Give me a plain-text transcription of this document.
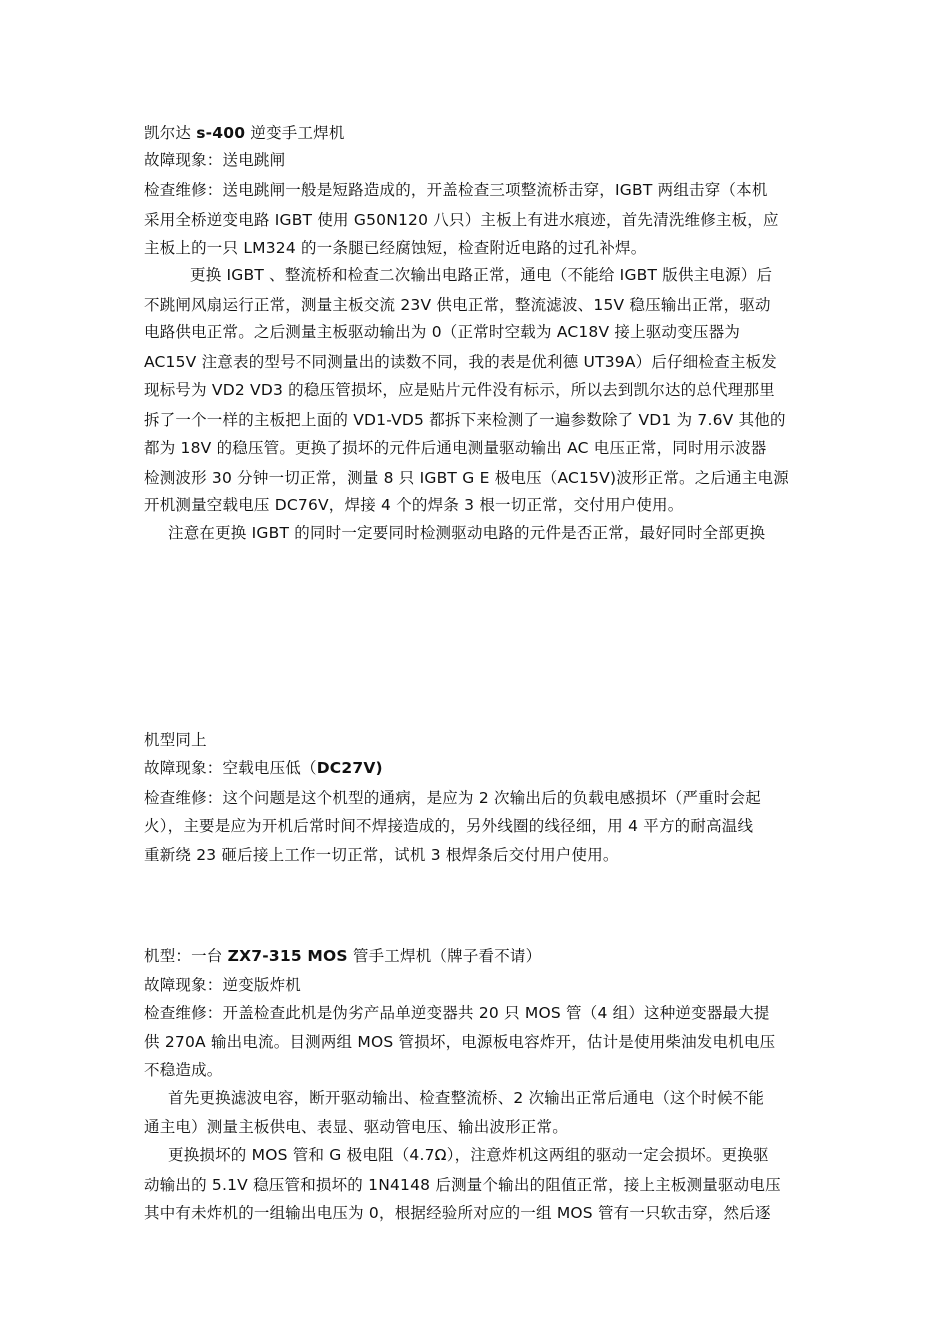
凯尔达 s-400 逆变手工焊机
故障现象：送电跳闸
检查维修：送电跳闸一般是短路造成的，开盖检查三项整流桥击穿，IGBT 两组击穿（本机
采用全桥逆变电路 IGBT 使用 G50N120 八只）主板上有进水痕迹，首先清洗维修主板，应
主板上的一只 LM324 的一条腿已经腐蚀短，检查附近电路的过孔补焊。
更换 IGBT 、整流桥和检查二次输出电路正常，通电（不能给 IGBT 版供主电源）后
不跳闸风扇运行正常，测量主板交流 23V 供电正常，整流滤波、15V 稳压输出正常，驱动
电路供电正常。之后测量主板驱动输出为 0（正常时空载为 AC18V 接上驱动变压器为
AC15V 注意表的型号不同测量出的读数不同，我的表是优利德 UT39A）后仔细检查主板发
现标号为 VD2 VD3 的稳压管损坏，应是贴片元件没有标示，所以去到凯尔达的总代理那里
拆了一个一样的主板把上面的 VD1-VD5 都拆下来检测了一遍参数除了 VD1 为 7.6V 其他的
都为 18V 的稳压管。更换了损坏的元件后通电测量驱动输出 AC 电压正常，同时用示波器
检测波形 30 分钟一切正常，测量 8 只 IGBT G E 极电压（AC15V)波形正常。之后通主电源
开机测量空载电压 DC76V，焊接 4 个的焊条 3 根一切正常，交付用户使用。
注意在更换 IGBT 的同时一定要同时检测驱动电路的元件是否正常，最好同时全部更换
机型同上
故障现象：空载电压低（DC27V)
检查维修：这个问题是这个机型的通病，是应为 2 次输出后的负载电感损坏（严重时会起
火），主要是应为开机后常时间不焊接造成的，另外线圈的线径细，用 4 平方的耐高温线
重新绕 23 砸后接上工作一切正常，试机 3 根焊条后交付用户使用。
机型：一台 ZX7-315 MOS 管手工焊机（牌子看不请）
故障现象：逆变版炸机
检查维修：开盖检查此机是伪劣产品单逆变器共 20 只 MOS 管（4 组）这种逆变器最大提
供 270A 输出电流。目测两组 MOS 管损坏，电源板电容炸开，估计是使用柴油发电机电压
不稳造成。
首先更换滤波电容，断开驱动输出、检查整流桥、2 次输出正常后通电（这个时候不能
通主电）测量主板供电、表显、驱动管电压、输出波形正常。
更换损坏的 MOS 管和 G 极电阻（4.7Ω），注意炸机这两组的驱动一定会损坏。更换驱
动输出的 5.1V 稳压管和损坏的 1N4148 后测量个输出的阻值正常，接上主板测量驱动电压
其中有未炸机的一组输出电压为 0，根据经验所对应的一组 MOS 管有一只软击穿，然后逐
